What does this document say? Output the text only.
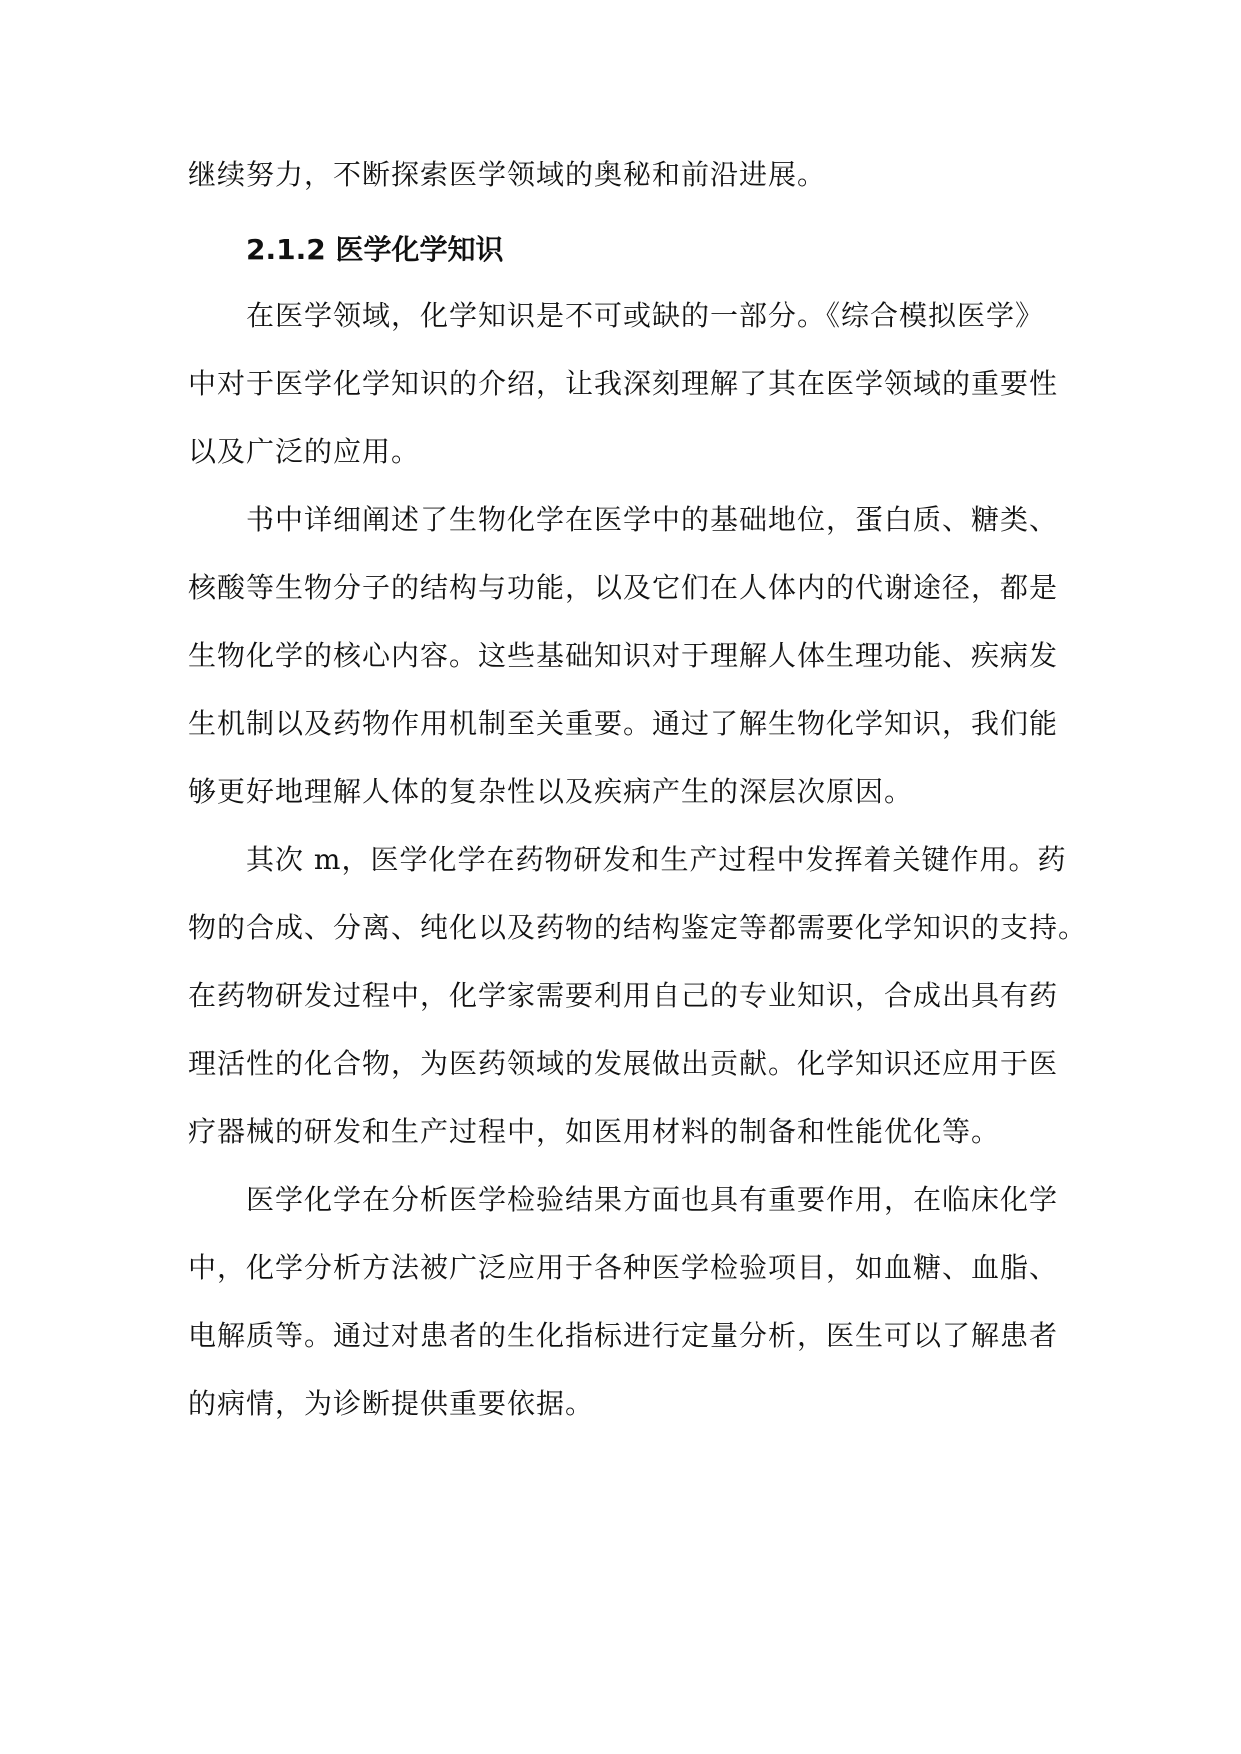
继续努力，不断探索医学领域的奥秘和前沿进展。
2.1.2 医学化学知识
在医学领域，化学知识是不可或缺的一部分。《综合模拟医学》
中对于医学化学知识的介绍，让我深刻理解了其在医学领域的重要性
以及广泛的应用。
书中详细阐述了生物化学在医学中的基础地位，蛋白质、糖类、
核酸等生物分子的结构与功能，以及它们在人体内的代谢途径，都是
生物化学的核心内容。这些基础知识对于理解人体生理功能、疾病发
生机制以及药物作用机制至关重要。通过了解生物化学知识，我们能
够更好地理解人体的复杂性以及疾病产生的深层次原因。
其次 m，医学化学在药物研发和生产过程中发挥着关键作用。药
物的合成、分离、纯化以及药物的结构鉴定等都需要化学知识的支持。
在药物研发过程中，化学家需要利用自己的专业知识，合成出具有药
理活性的化合物，为医药领域的发展做出贡献。化学知识还应用于医
疗器械的研发和生产过程中，如医用材料的制备和性能优化等。
医学化学在分析医学检验结果方面也具有重要作用，在临床化学
中，化学分析方法被广泛应用于各种医学检验项目，如血糖、血脂、
电解质等。通过对患者的生化指标进行定量分析，医生可以了解患者
的病情，为诊断提供重要依据。
